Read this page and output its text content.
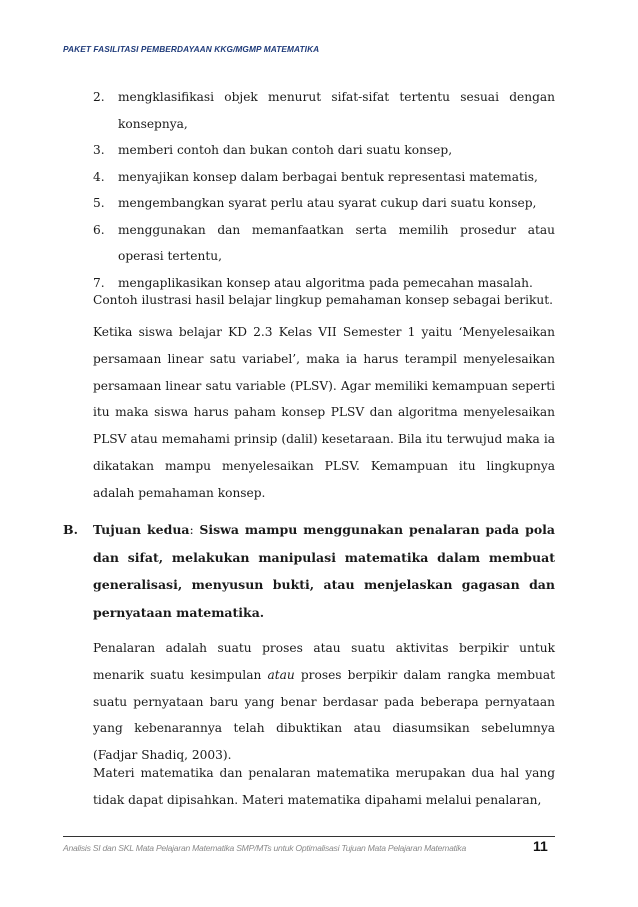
PAKET FASILITASI PEMBERDAYAAN KKG/MGMP MATEMATIKA
2.	mengklasifikasi objek menurut sifat-sifat tertentu sesuai dengan konsepnya,
3.	memberi contoh dan bukan contoh dari suatu konsep,
4.	menyajikan konsep dalam berbagai bentuk representasi matematis,
5.	mengembangkan syarat perlu atau syarat cukup dari suatu konsep,
6.	menggunakan dan memanfaatkan serta memilih prosedur atau operasi tertentu,
7.	mengaplikasikan konsep atau algoritma pada pemecahan masalah.

Contoh ilustrasi hasil belajar lingkup pemahaman konsep sebagai berikut.

Ketika siswa belajar KD 2.3 Kelas VII Semester 1 yaitu ‘Menyelesaikan persamaan linear satu variabel’, maka ia harus terampil menyelesaikan persamaan linear satu variable (PLSV). Agar memiliki kemampuan seperti itu maka siswa harus paham konsep PLSV dan algoritma menyelesaikan PLSV atau memahami prinsip (dalil) kesetaraan. Bila itu terwujud maka ia dikatakan mampu menyelesaikan PLSV. Kemampuan itu lingkupnya adalah pemahaman konsep.

B.	Tujuan kedua: Siswa mampu menggunakan penalaran pada pola dan sifat, melakukan manipulasi matematika dalam membuat generalisasi, menyusun bukti, atau menjelaskan gagasan dan pernyataan matematika.

Penalaran adalah suatu proses atau suatu aktivitas berpikir untuk menarik suatu kesimpulan atau proses berpikir dalam rangka membuat suatu pernyataan baru yang benar berdasar pada beberapa pernyataan yang kebenarannya telah dibuktikan atau diasumsikan sebelumnya (Fadjar Shadiq, 2003).

Materi matematika dan penalaran matematika merupakan dua hal yang tidak dapat dipisahkan. Materi matematika dipahami melalui penalaran,

Analisis SI dan SKL Mata Pelajaran Matematika SMP/MTs untuk Optimalisasi Tujuan Mata Pelajaran Matematika	11
